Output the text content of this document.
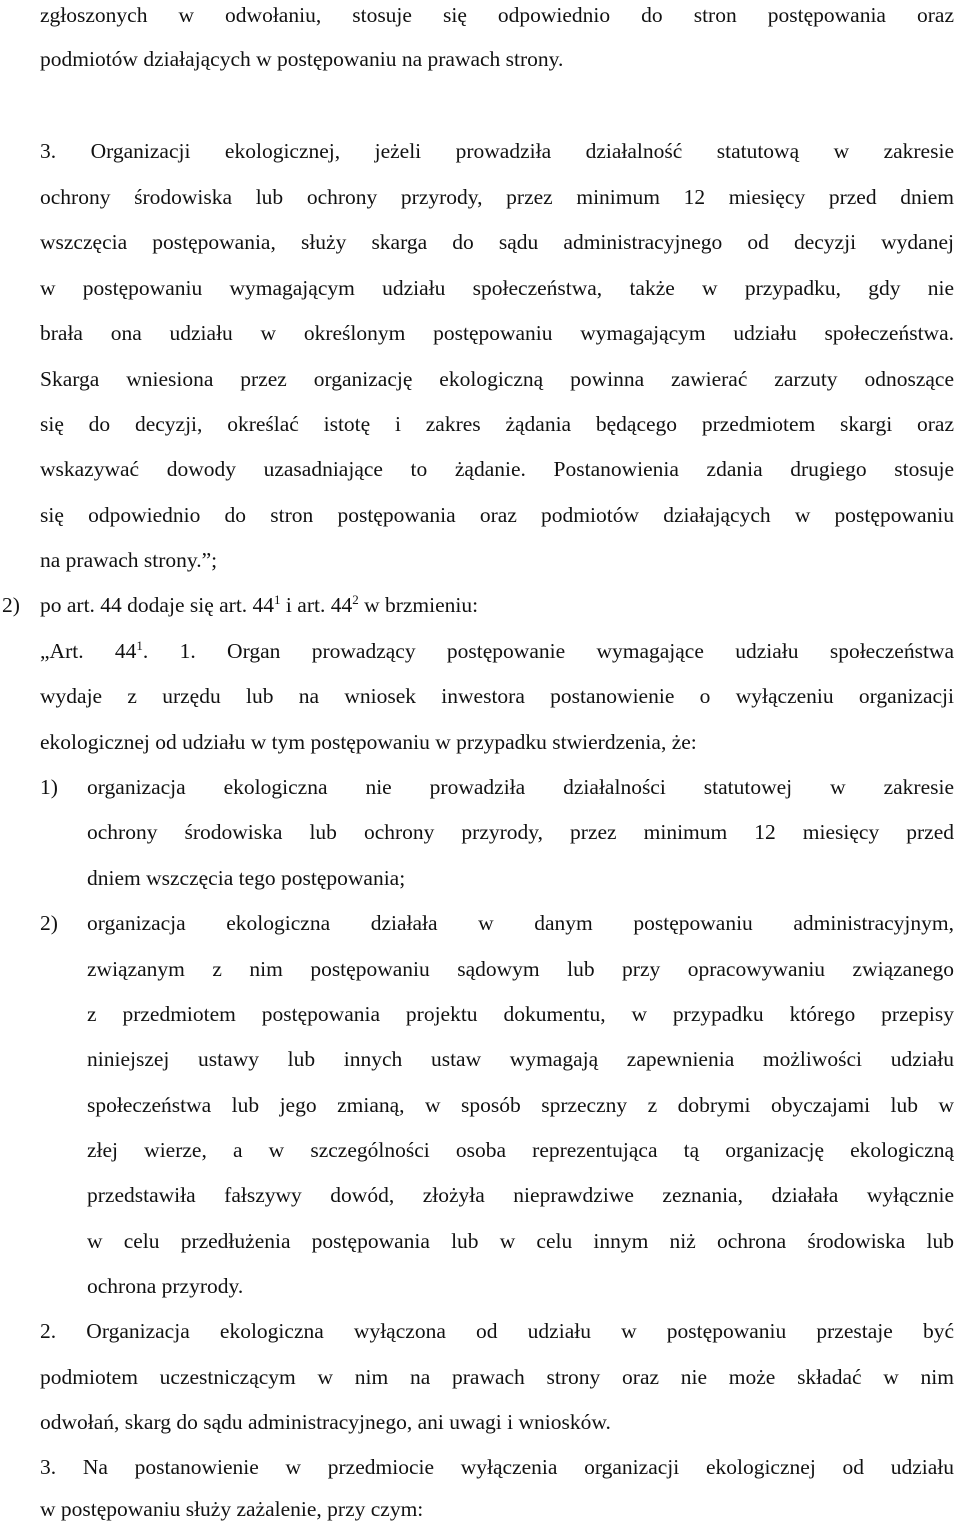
zgłoszonych w odwołaniu, stosuje się odpowiednio do stron postępowania oraz
podmiotów działających w postępowaniu na prawach strony.
3. Organizacji ekologicznej, jeżeli prowadziła działalność statutową w zakresie
ochrony środowiska lub ochrony przyrody, przez minimum 12 miesięcy przed dniem
wszczęcia postępowania, służy skarga do sądu administracyjnego od decyzji wydanej
w postępowaniu wymagającym udziału społeczeństwa, także w przypadku, gdy nie
brała ona udziału w określonym postępowaniu wymagającym udziału społeczeństwa.
Skarga wniesiona przez organizację ekologiczną powinna zawierać zarzuty odnoszące
się do decyzji, określać istotę i zakres żądania będącego przedmiotem skargi oraz
wskazywać dowody uzasadniające to żądanie. Postanowienia zdania drugiego stosuje
się odpowiednio do stron postępowania oraz podmiotów działających w postępowaniu
na prawach strony.”;
2) po art. 44 dodaje się art. $44^1$ i art. $44^2$ w brzmieniu:
„Art. $44^1$. 1. Organ prowadzący postępowanie wymagające udziału społeczeństwa
wydaje z urzędu lub na wniosek inwestora postanowienie o wyłączeniu organizacji
ekologicznej od udziału w tym postępowaniu w przypadku stwierdzenia, że:
1) organizacja ekologiczna nie prowadziła działalności statutowej w zakresie
ochrony środowiska lub ochrony przyrody, przez minimum 12 miesięcy przed
dniem wszczęcia tego postępowania;
2) organizacja ekologiczna działała w danym postępowaniu administracyjnym,
związanym z nim postępowaniu sądowym lub przy opracowywaniu związanego
z przedmiotem postępowania projektu dokumentu, w przypadku którego przepisy
niniejszej ustawy lub innych ustaw wymagają zapewnienia możliwości udziału
społeczeństwa lub jego zmianą, w sposób sprzeczny z dobrymi obyczajami lub w
złej wierze, a w szczególności osoba reprezentująca tą organizację ekologiczną
przedstawiła fałszywy dowód, złożyła nieprawdziwe zeznania, działała wyłącznie
w celu przedłużenia postępowania lub w celu innym niż ochrona środowiska lub
ochrona przyrody.
2. Organizacja ekologiczna wyłączona od udziału w postępowaniu przestaje być
podmiotem uczestniczącym w nim na prawach strony oraz nie może składać w nim
odwołań, skarg do sądu administracyjnego, ani uwagi i wniosków.
3. Na postanowienie w przedmiocie wyłączenia organizacji ekologicznej od udziału
w postępowaniu służy zażalenie, przy czym:
